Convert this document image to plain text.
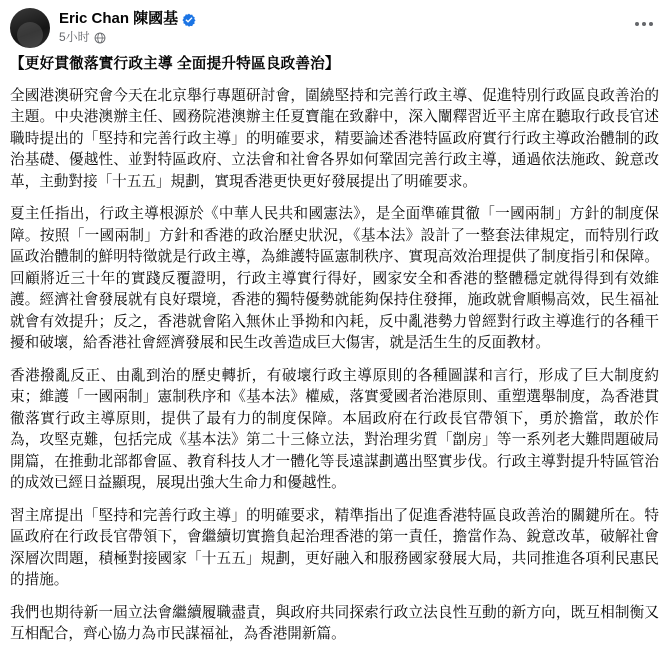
Eric Chan 陳國基
5小时

【更好貫徹落實行政主導 全面提升特區良政善治】

全國港澳研究會今天在北京舉行專題研討會，圍繞堅持和完善行政主導、促進特別行政區良政善治的主題。中央港澳辦主任、國務院港澳辦主任夏寶龍在致辭中，深入闡釋習近平主席在聽取行政長官述職時提出的「堅持和完善行政主導」的明確要求，精要論述香港特區政府實行行政主導政治體制的政治基礎、優越性、並對特區政府、立法會和社會各界如何鞏固完善行政主導，通過依法施政、銳意改革，主動對接「十五五」規劃，實現香港更快更好發展提出了明確要求。

夏主任指出，行政主導根源於《中華人民共和國憲法》，是全面準確貫徹「一國兩制」方針的制度保障。按照「一國兩制」方針和香港的政治歷史狀況，《基本法》設計了一整套法律規定，而特別行政區政治體制的鮮明特徵就是行政主導，為維護特區憲制秩序、實現高效治理提供了制度指引和保障。回顧將近三十年的實踐反覆證明，行政主導實行得好，國家安全和香港的整體穩定就得得到有效維護。經濟社會發展就有良好環境，香港的獨特優勢就能夠保持住發揮，施政就會順暢高效，民生福祉就會有效提升；反之，香港就會陷入無休止爭拗和內耗，反中亂港勢力曾經對行政主導進行的各種干擾和破壞，給香港社會經濟發展和民生改善造成巨大傷害，就是活生生的反面教材。

香港撥亂反正、由亂到治的歷史轉折，有破壞行政主導原則的各種圖謀和言行，形成了巨大制度約束；維護「一國兩制」憲制秩序和《基本法》權威，落實愛國者治港原則、重塑選舉制度，為香港貫徹落實行政主導原則，提供了最有力的制度保障。本屆政府在行政長官帶領下，勇於擔當，敢於作為，攻堅克難，包括完成《基本法》第二十三條立法，對治理劣質「劏房」等一系列老大難問題破局開篇，在推動北部都會區、教育科技人才一體化等長遠謀劃邁出堅實步伐。行政主導對提升特區管治的成效已經日益顯現，展現出強大生命力和優越性。

習主席提出「堅持和完善行政主導」的明確要求，精準指出了促進香港特區良政善治的關鍵所在。特區政府在行政長官帶領下，會繼續切實擔負起治理香港的第一責任，擔當作為、銳意改革，破解社會深層次問題，積極對接國家「十五五」規劃，更好融入和服務國家發展大局，共同推進各項利民惠民的措施。

我們也期待新一屆立法會繼續履職盡責，與政府共同探索行政立法良性互動的新方向，既互相制衡又互相配合，齊心協力為市民謀福祉，為香港開新篇。
